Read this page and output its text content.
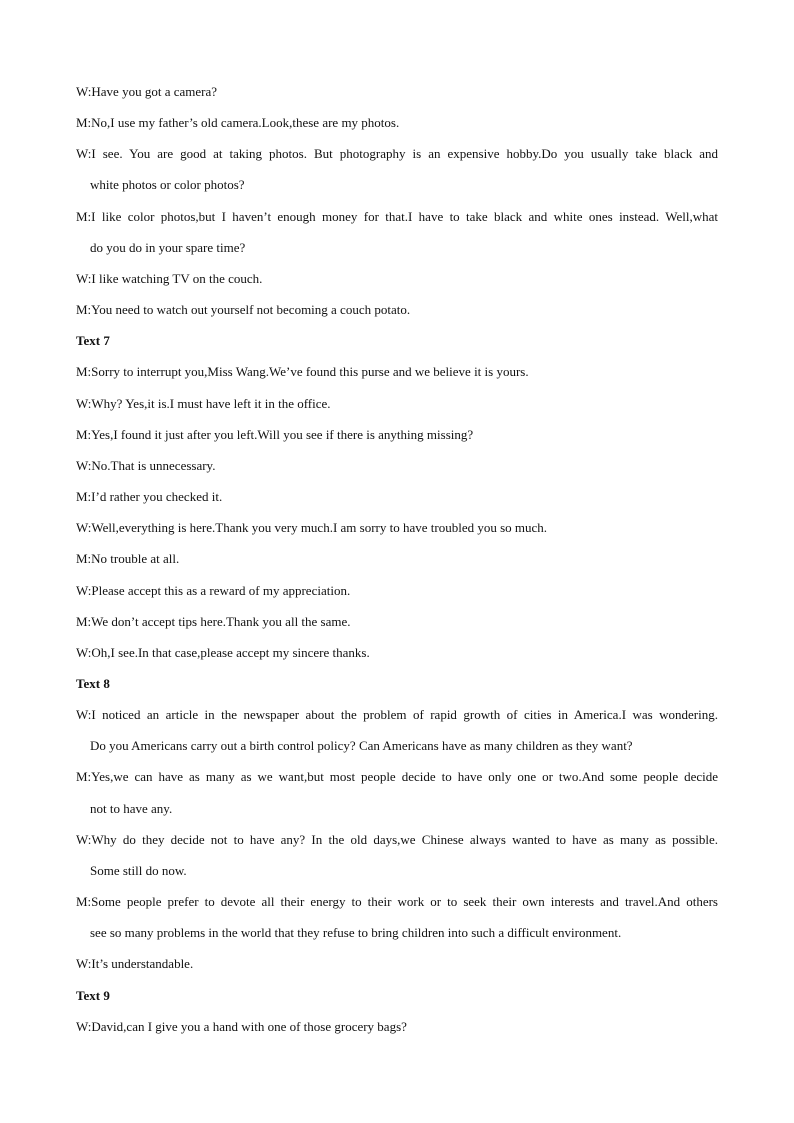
W:Have you got a camera?
M:No,I use my father’s old camera.Look,these are my photos.
W:I see. You are good at taking photos. But photography is an expensive hobby.Do you usually take black and
white photos or color photos?
M:I like color photos,but I haven’t enough money for that.I have to take black and white ones instead. Well,what
do you do in your spare time?
W:I like watching TV on the couch.
M:You need to watch out yourself not becoming a couch potato.
Text 7
M:Sorry to interrupt you,Miss Wang.We’ve found this purse and we believe it is yours.
W:Why? Yes,it is.I must have left it in the office.
M:Yes,I found it just after you left.Will you see if there is anything missing?
W:No.That is unnecessary.
M:I’d rather you checked it.
W:Well,everything is here.Thank you very much.I am sorry to have troubled you so much.
M:No trouble at all.
W:Please accept this as a reward of my appreciation.
M:We don’t accept tips here.Thank you all the same.
W:Oh,I see.In that case,please accept my sincere thanks.
Text 8
W:I noticed an article in the newspaper about the problem of rapid growth of cities in America.I was wondering.
Do you Americans carry out a birth control policy? Can Americans have as many children as they want?
M:Yes,we can have as many as we want,but most people decide to have only one or two.And some people decide
not to have any.
W:Why do they decide not to have any? In the old days,we Chinese always wanted to have as many as possible.
Some still do now.
M:Some people prefer to devote all their energy to their work or to seek their own interests and travel.And others
see so many problems in the world that they refuse to bring children into such a difficult environment.
W:It’s understandable.
Text 9
W:David,can I give you a hand with one of those grocery bags?
